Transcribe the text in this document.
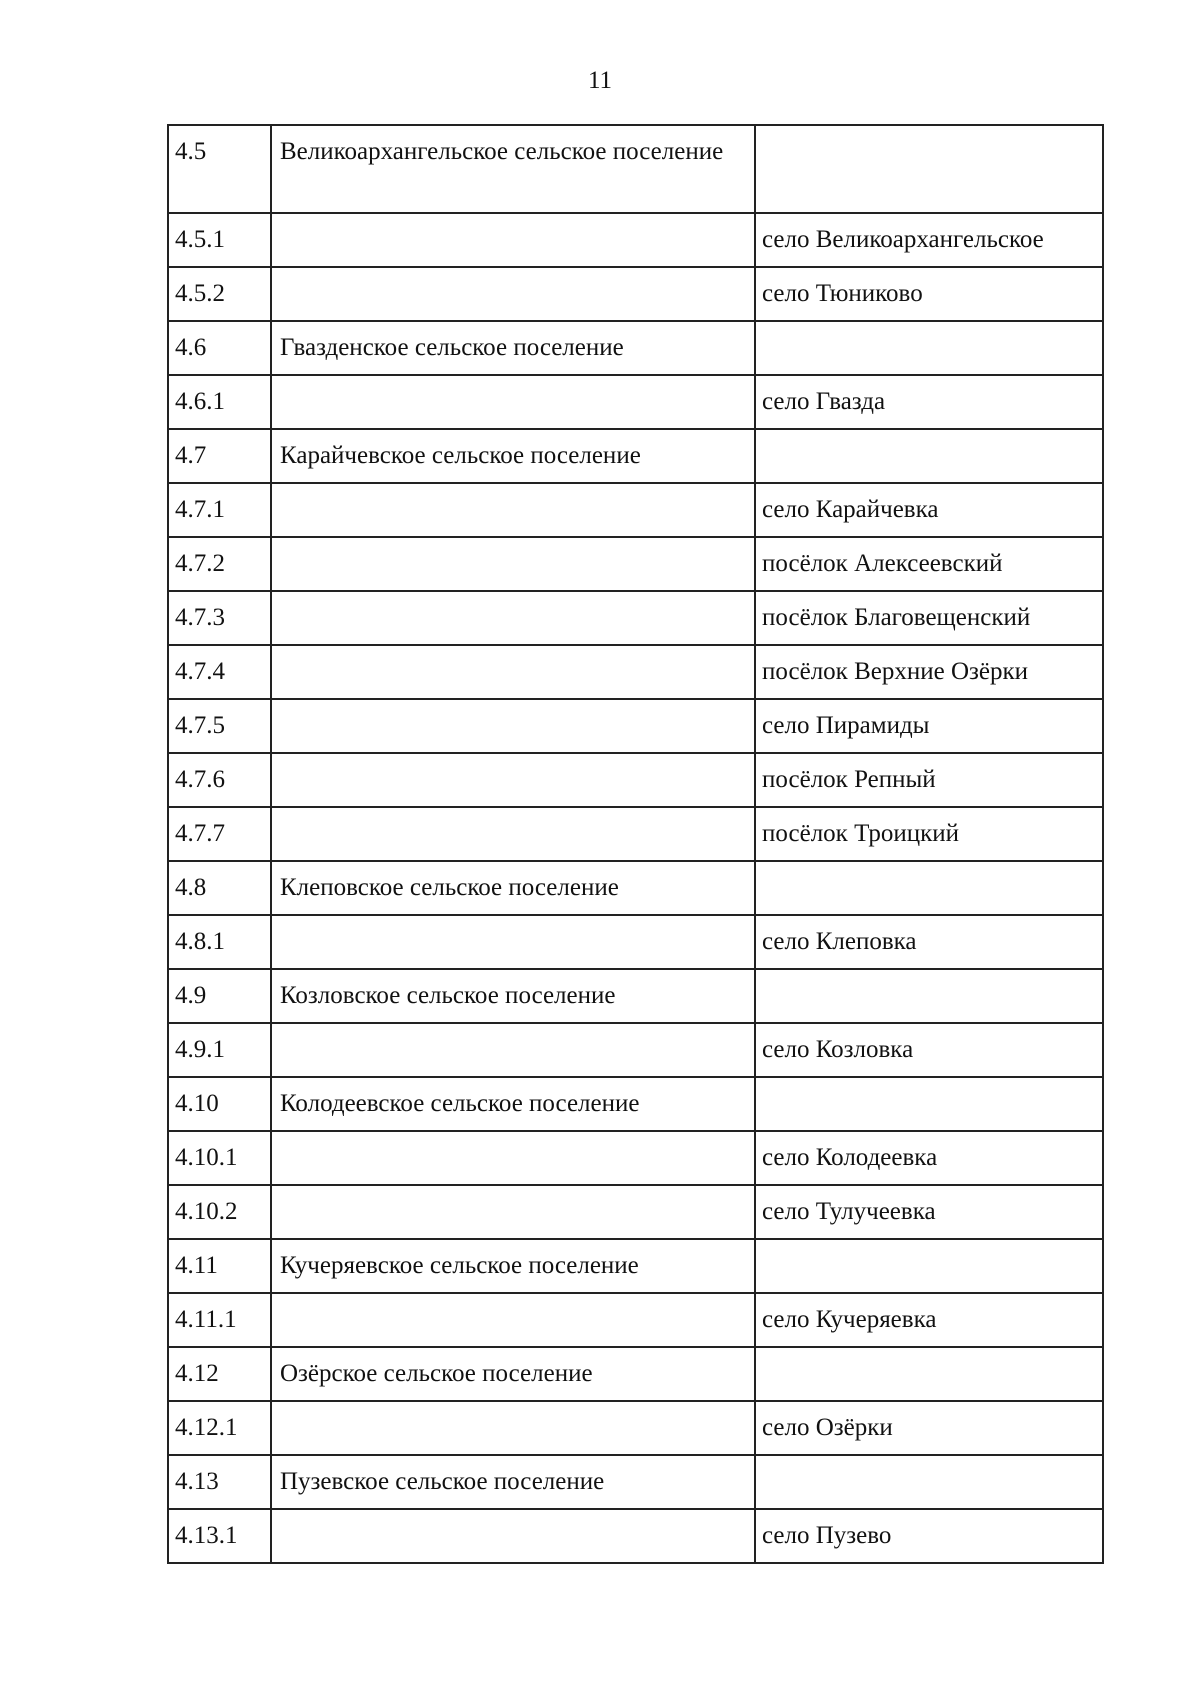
11
4.5	Великоархангельское сельское поселение	
4.5.1		село Великоархангельское
4.5.2		село Тюниково
4.6	Гвазденское сельское поселение	
4.6.1		село Гвазда
4.7	Карайчевское сельское поселение	
4.7.1		село Карайчевка
4.7.2		посёлок Алексеевский
4.7.3		посёлок Благовещенский
4.7.4		посёлок Верхние Озёрки
4.7.5		село Пирамиды
4.7.6		посёлок Репный
4.7.7		посёлок Троицкий
4.8	Клеповское сельское поселение	
4.8.1		село Клеповка
4.9	Козловское сельское поселение	
4.9.1		село Козловка
4.10	Колодеевское сельское поселение	
4.10.1		село Колодеевка
4.10.2		село Тулучеевка
4.11	Кучеряевское сельское поселение	
4.11.1		село Кучеряевка
4.12	Озёрское сельское поселение	
4.12.1		село Озёрки
4.13	Пузевское сельское поселение	
4.13.1		село Пузево
